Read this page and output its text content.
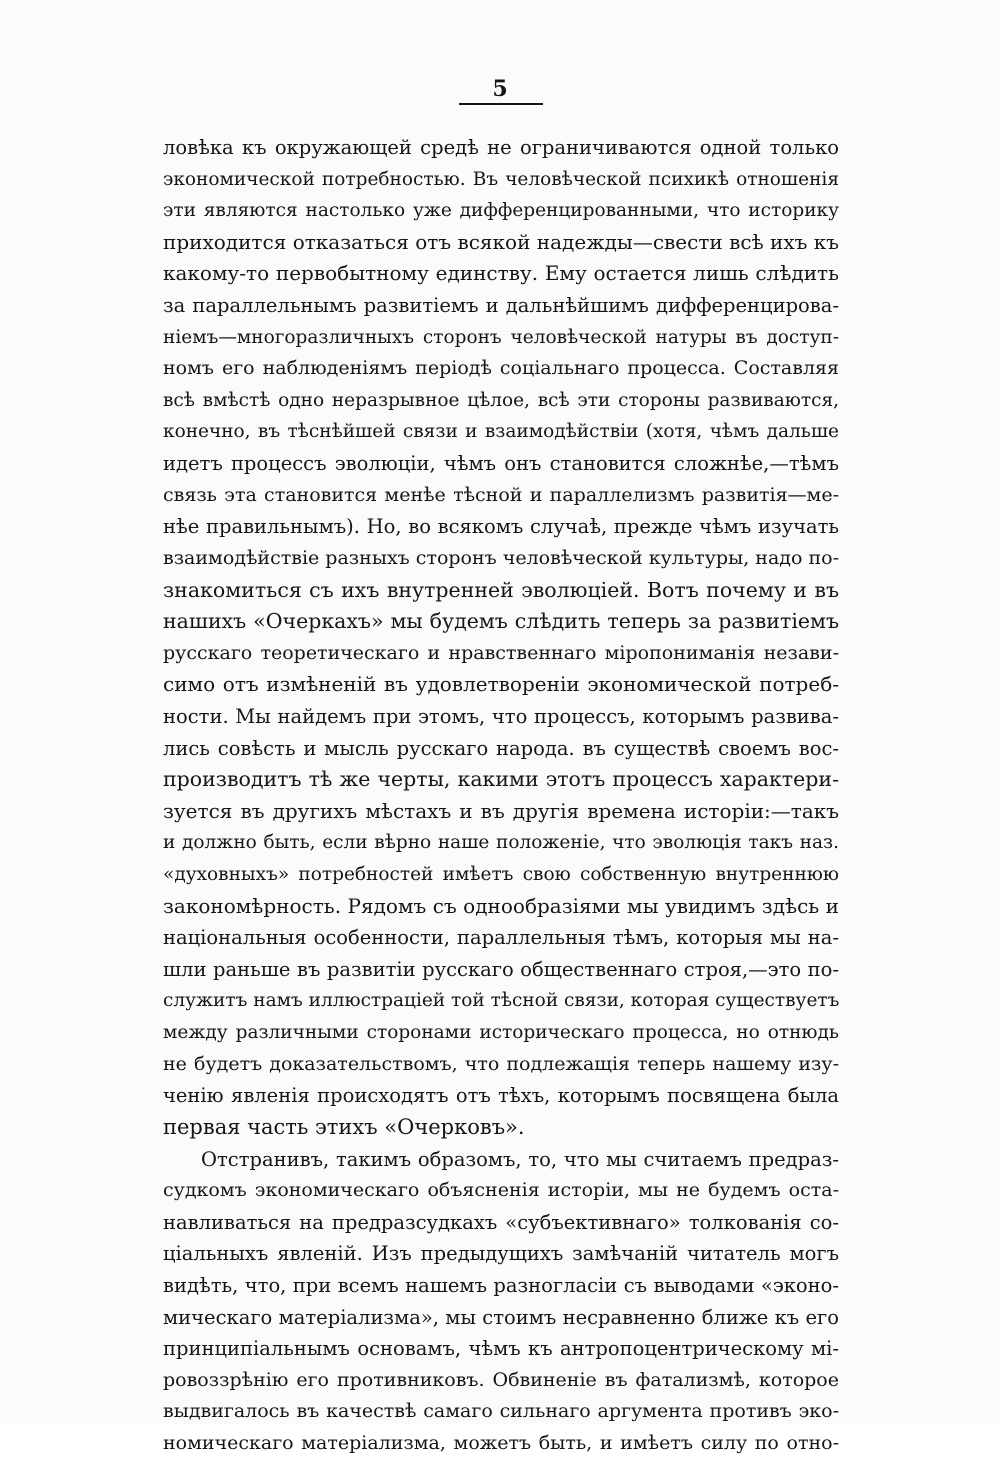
5
ловѣка къ окружающей средѣ не ограничиваются одной только
экономической потребностью. Въ человѣческой психикѣ отношенія
эти являются настолько уже дифференцированными, что историку
приходится отказаться отъ всякой надежды—свести всѣ ихъ къ
какому-то первобытному единству. Ему остается лишь слѣдить
за параллельнымъ развитіемъ и дальнѣйшимъ дифференцирова-
ніемъ—многоразличныхъ сторонъ человѣческой натуры въ доступ-
номъ его наблюденіямъ періодѣ соціальнаго процесса. Составляя
всѣ вмѣстѣ одно неразрывное цѣлое, всѣ эти стороны развиваются,
конечно, въ тѣснѣйшей связи и взаимодѣйствіи (хотя, чѣмъ дальше
идетъ процессъ эволюціи, чѣмъ онъ становится сложнѣе,—тѣмъ
связь эта становится менѣе тѣсной и параллелизмъ развитія—ме-
нѣе правильнымъ). Но, во всякомъ случаѣ, прежде чѣмъ изучать
взаимодѣйствіе разныхъ сторонъ человѣческой культуры, надо по-
знакомиться съ ихъ внутренней эволюціей. Вотъ почему и въ
нашихъ «Очеркахъ» мы будемъ слѣдить теперь за развитіемъ
русскаго теоретическаго и нравственнаго міропониманія незави-
симо отъ измѣненій въ удовлетвореніи экономической потреб-
ности. Мы найдемъ при этомъ, что процессъ, которымъ развива-
лись совѣсть и мысль русскаго народа. въ существѣ своемъ вос-
производитъ тѣ же черты, какими этотъ процессъ характери-
зуется въ другихъ мѣстахъ и въ другія времена исторіи:—такъ
и должно быть, если вѣрно наше положеніе, что эволюція такъ наз.
«духовныхъ» потребностей имѣетъ свою собственную внутреннюю
закономѣрность. Рядомъ съ однообразіями мы увидимъ здѣсь и
національныя особенности, параллельныя тѣмъ, которыя мы на-
шли раньше въ развитіи русскаго общественнаго строя,—это по-
служитъ намъ иллюстраціей той тѣсной связи, которая существуетъ
между различными сторонами историческаго процесса, но отнюдь
не будетъ доказательствомъ, что подлежащія теперь нашему изу-
ченію явленія происходятъ отъ тѣхъ, которымъ посвящена была
первая часть этихъ «Очерковъ».
Отстранивъ, такимъ образомъ, то, что мы считаемъ предраз-
судкомъ экономическаго объясненія исторіи, мы не будемъ оста-
навливаться на предразсудкахъ «субъективнаго» толкованія со-
ціальныхъ явленій. Изъ предыдущихъ замѣчаній читатель могъ
видѣть, что, при всемъ нашемъ разногласіи съ выводами «эконо-
мическаго матеріализма», мы стоимъ несравненно ближе къ его
принципіальнымъ основамъ, чѣмъ къ антропоцентрическому мі-
ровоззрѣнію его противниковъ. Обвиненіе въ фатализмѣ, которое
выдвигалось въ качествѣ самаго сильнаго аргумента противъ эко-
номическаго матеріализма, можетъ быть, и имѣетъ силу по отно-
